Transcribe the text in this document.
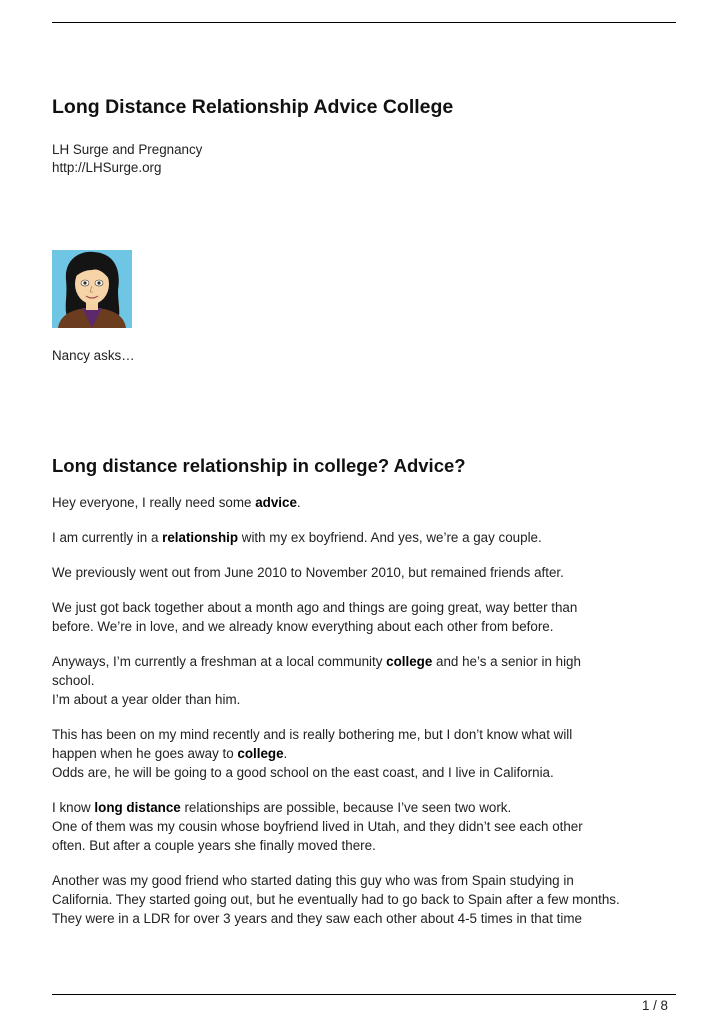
Long Distance Relationship Advice College
LH Surge and Pregnancy
http://LHSurge.org
Nancy asks…
Long distance relationship in college? Advice?

Hey everyone, I really need some advice.

I am currently in a relationship with my ex boyfriend. And yes, we’re a gay couple.

We previously went out from June 2010 to November 2010, but remained friends after.

We just got back together about a month ago and things are going great, way better than
before. We’re in love, and we already know everything about each other from before.

Anyways, I’m currently a freshman at a local community college and he’s a senior in high
school.
I’m about a year older than him.

This has been on my mind recently and is really bothering me, but I don’t know what will
happen when he goes away to college.
Odds are, he will be going to a good school on the east coast, and I live in California.

I know long distance relationships are possible, because I’ve seen two work.
One of them was my cousin whose boyfriend lived in Utah, and they didn’t see each other
often. But after a couple years she finally moved there.

Another was my good friend who started dating this guy who was from Spain studying in
California. They started going out, but he eventually had to go back to Spain after a few months.
They were in a LDR for over 3 years and they saw each other about 4-5 times in that time

1 / 8
